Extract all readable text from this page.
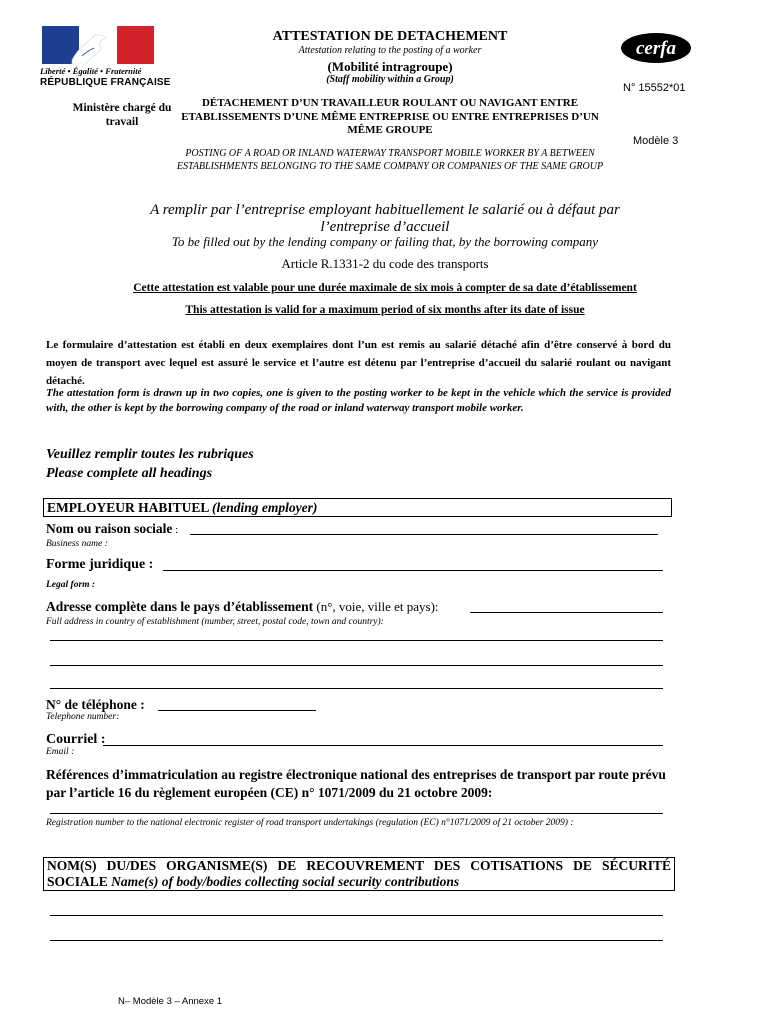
Liberté • Égalité • Fraternité
RÉPUBLIQUE FRANÇAISE
Ministère chargé du travail
ATTESTATION DE DETACHEMENT
Attestation relating to the posting of a worker
(Mobilité intragroupe)
(Staff mobility within a Group)
DÉTACHEMENT D’UN TRAVAILLEUR ROULANT OU NAVIGANT ENTRE ETABLISSEMENTS D’UNE MÊME ENTREPRISE OU ENTRE ENTREPRISES D’UN MÊME GROUPE
POSTING OF A ROAD OR INLAND WATERWAY TRANSPORT MOBILE WORKER BY A BETWEEN ESTABLISHMENTS BELONGING TO THE SAME COMPANY OR COMPANIES OF THE SAME GROUP
cerfa
N° 15552*01
Modèle 3
A remplir par l’entreprise employant habituellement le salarié ou à défaut par l’entreprise d’accueil
To be filled out by the lending company or failing that, by the borrowing company
Article R.1331-2 du code des transports
Cette attestation est valable pour une durée maximale de six mois à compter de sa date d’établissement
This attestation is valid for a maximum period of six months after its date of issue
Le formulaire d’attestation est établi en deux exemplaires dont l’un est remis au salarié détaché afin d’être conservé à bord du moyen de transport avec lequel est assuré le service et l’autre est détenu par l’entreprise d’accueil du salarié roulant ou navigant détaché.
The attestation form is drawn up in two copies, one is given to the posting worker to be kept in the vehicle which the service is provided with, the other is kept by the borrowing company of the road or inland waterway transport mobile worker.
Veuillez remplir toutes les rubriques
Please complete all headings
EMPLOYEUR HABITUEL (lending employer)
Nom ou raison sociale :
Business name :
Forme juridique :
Legal form :
Adresse complète dans le pays d’établissement (n°, voie, ville et pays):
Full address in country of establishment (number, street, postal code, town and country):
N° de téléphone :
Telephone number:
Courriel :
Email :
Références d’immatriculation au registre électronique national des entreprises de transport par route prévu par l’article 16 du règlement européen (CE) n° 1071/2009 du 21 octobre 2009:
Registration number to the national electronic register of road transport undertakings (regulation (EC) n°1071/2009 of 21 october 2009) :
NOM(S) DU/DES ORGANISME(S) DE RECOUVREMENT DES COTISATIONS DE SÉCURITÉ SOCIALE Name(s) of body/bodies collecting social security contributions
N– Modèle 3 – Annexe 1
